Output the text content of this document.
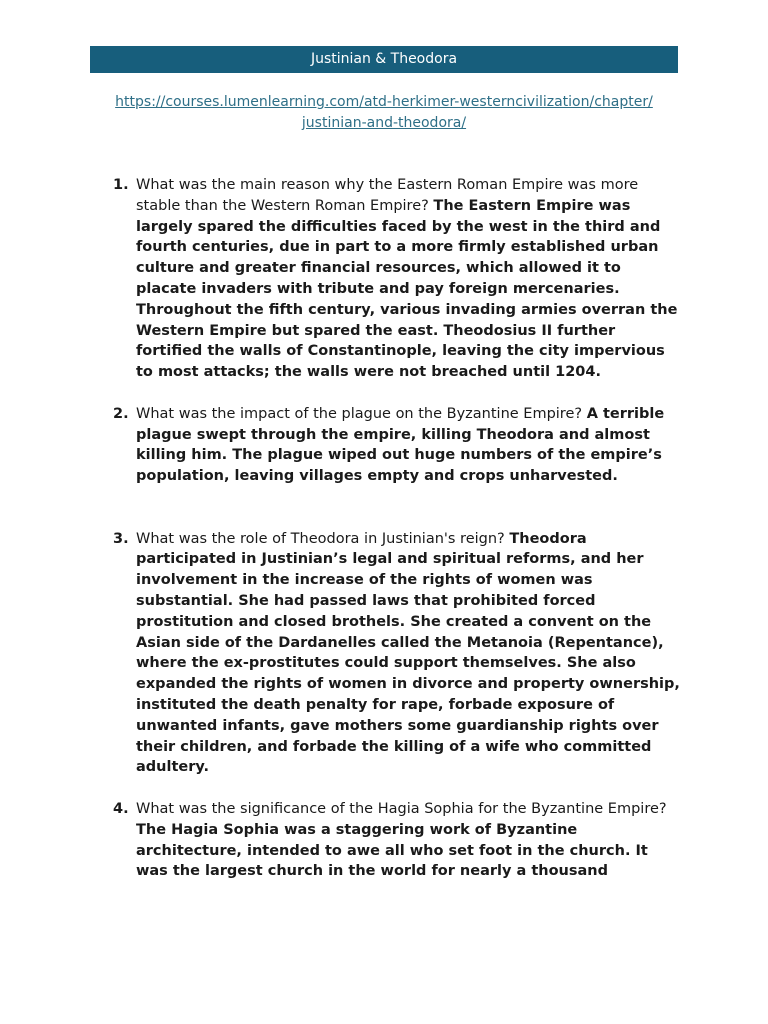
Justinian & Theodora
https://courses.lumenlearning.com/atd-herkimer-westerncivilization/chapter/
justinian-and-theodora/
1. What was the main reason why the Eastern Roman Empire was more stable than the Western Roman Empire? The Eastern Empire was largely spared the difficulties faced by the west in the third and fourth centuries, due in part to a more firmly established urban culture and greater financial resources, which allowed it to placate invaders with tribute and pay foreign mercenaries. Throughout the fifth century, various invading armies overran the Western Empire but spared the east. Theodosius II further fortified the walls of Constantinople, leaving the city impervious to most attacks; the walls were not breached until 1204.
2. What was the impact of the plague on the Byzantine Empire? A terrible plague swept through the empire, killing Theodora and almost killing him. The plague wiped out huge numbers of the empire’s population, leaving villages empty and crops unharvested.
3. What was the role of Theodora in Justinian's reign? Theodora participated in Justinian’s legal and spiritual reforms, and her involvement in the increase of the rights of women was substantial. She had passed laws that prohibited forced prostitution and closed brothels. She created a convent on the Asian side of the Dardanelles called the Metanoia (Repentance), where the ex-prostitutes could support themselves. She also expanded the rights of women in divorce and property ownership, instituted the death penalty for rape, forbade exposure of unwanted infants, gave mothers some guardianship rights over their children, and forbade the killing of a wife who committed adultery.
4. What was the significance of the Hagia Sophia for the Byzantine Empire? The Hagia Sophia was a staggering work of Byzantine architecture, intended to awe all who set foot in the church. It was the largest church in the world for nearly a thousand
